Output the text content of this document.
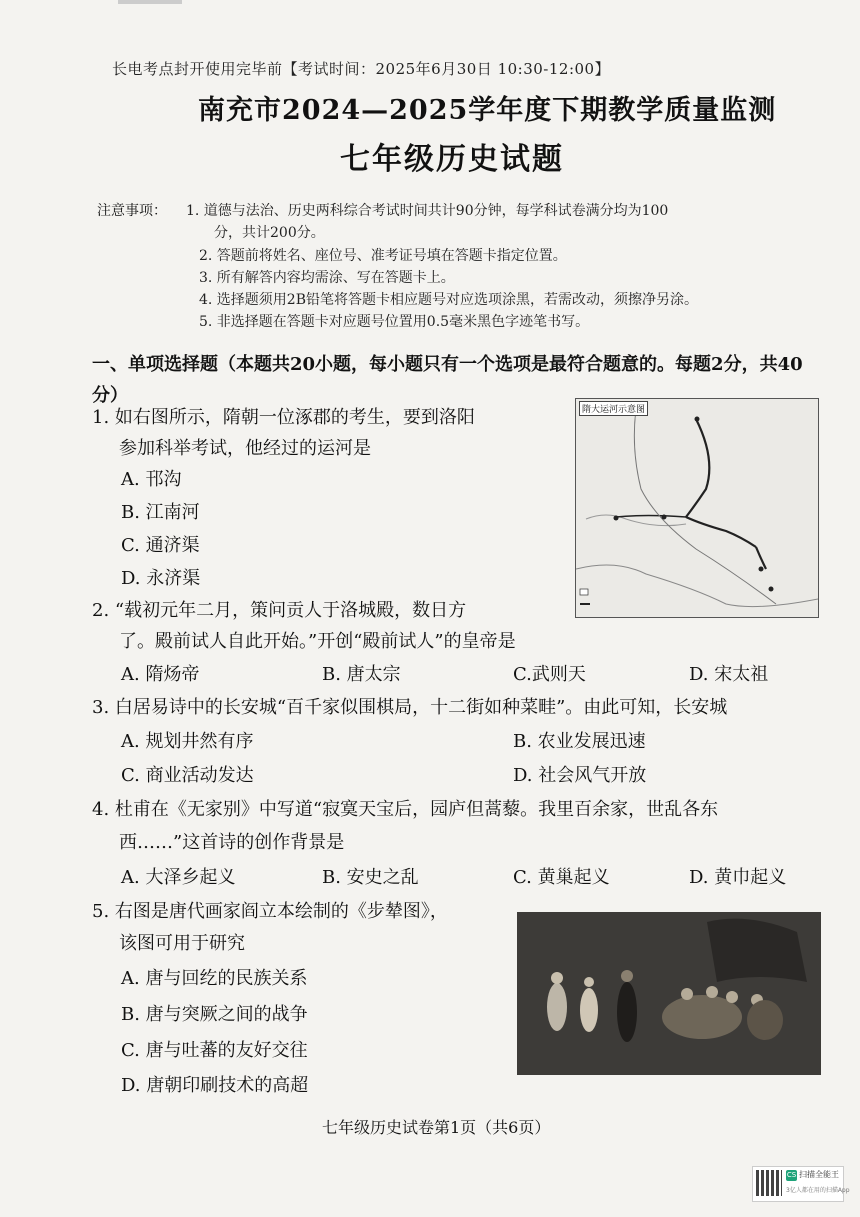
长电考点封开使用完毕前【考试时间：2025年6月30日 10:30-12:00】
南充市2024—2025学年度下期教学质量监测
七年级历史试题
注意事项： 1. 道德与法治、历史两科综合考试时间共计90分钟，每学科试卷满分均为100
分，共计200分。
2. 答题前将姓名、座位号、准考证号填在答题卡指定位置。
3. 所有解答内容均需涂、写在答题卡上。
4. 选择题须用2B铅笔将答题卡相应题号对应选项涂黑，若需改动，须擦净另涂。
5. 非选择题在答题卡对应题号位置用0.5毫米黑色字迹笔书写。
一、单项选择题（本题共20小题，每小题只有一个选项是最符合题意的。每题2分，共40分）
1. 如右图所示，隋朝一位涿郡的考生，要到洛阳
参加科举考试，他经过的运河是
A. 邗沟
B. 江南河
C. 通济渠
D. 永济渠
隋大运河示意图
2. “载初元年二月，策问贡人于洛城殿，数日方
了。殿前试人自此开始。”开创“殿前试人”的皇帝是
A. 隋炀帝	B. 唐太宗	C.武则天	D. 宋太祖
3. 白居易诗中的长安城“百千家似围棋局，十二街如种菜畦”。由此可知，长安城
A. 规划井然有序	B. 农业发展迅速
C. 商业活动发达	D. 社会风气开放
4. 杜甫在《无家别》中写道“寂寞天宝后，园庐但蒿藜。我里百余家，世乱各东
西……”这首诗的创作背景是
A. 大泽乡起义	B. 安史之乱	C. 黄巢起义	D. 黄巾起义
5. 右图是唐代画家阎立本绘制的《步辇图》，
该图可用于研究
A. 唐与回纥的民族关系
B. 唐与突厥之间的战争
C. 唐与吐蕃的友好交往
D. 唐朝印刷技术的高超
七年级历史试卷第1页（共6页）
CS 扫描全能王
3亿人都在用的扫描App
